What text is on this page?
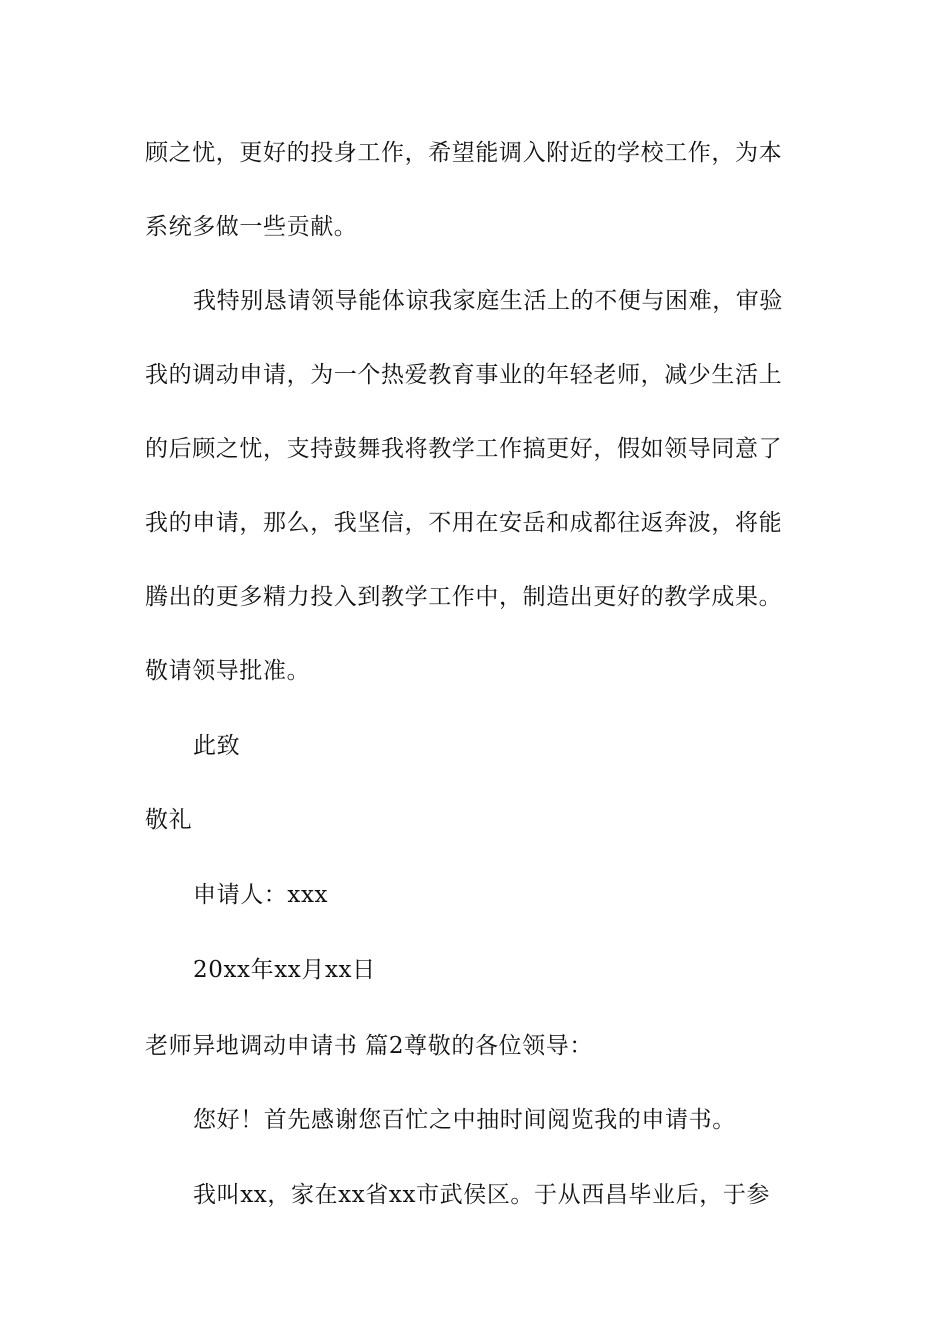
顾之忧，更好的投身工作，希望能调入附近的学校工作，为本
系统多做一些贡献。
我特别恳请领导能体谅我家庭生活上的不便与困难，审验
我的调动申请，为一个热爱教育事业的年轻老师，减少生活上
的后顾之忧，支持鼓舞我将教学工作搞更好，假如领导同意了
我的申请，那么，我坚信，不用在安岳和成都往返奔波，将能
腾出的更多精力投入到教学工作中，制造出更好的教学成果。
敬请领导批准。
此致
敬礼
申请人：xxx
20xx年xx月xx日
老师异地调动申请书 篇2尊敬的各位领导：
您好！首先感谢您百忙之中抽时间阅览我的申请书。
我叫xx，家在xx省xx市武侯区。于从西昌毕业后，于参
